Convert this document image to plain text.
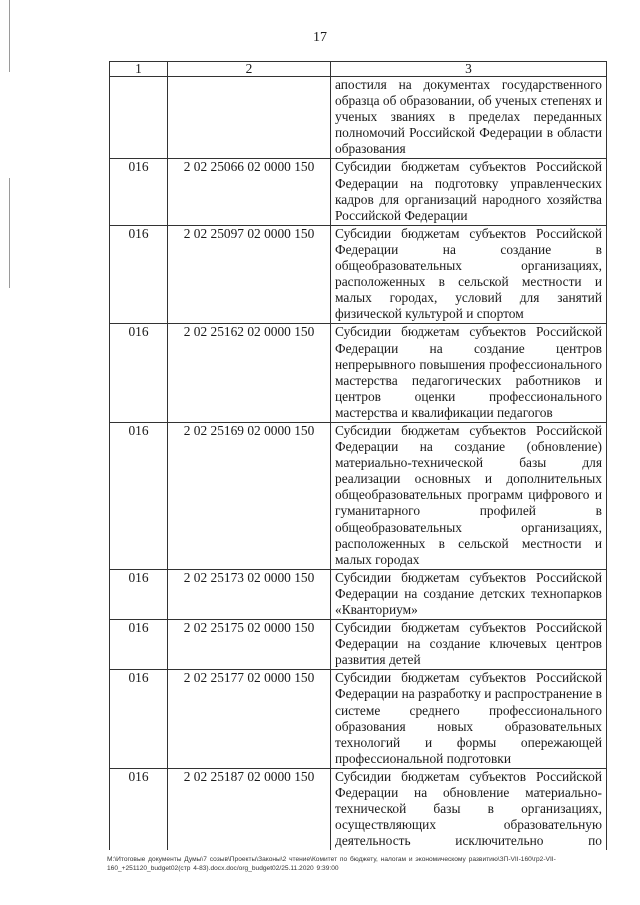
17
1	2	3
		апостиля на документах государственного образца об образовании, об ученых степенях и ученых званиях в пределах переданных полномочий Российской Федерации в области образования
016	2 02 25066 02 0000 150	Субсидии бюджетам субъектов Российской Федерации на подготовку управленческих кадров для организаций народного хозяйства Российской Федерации
016	2 02 25097 02 0000 150	Субсидии бюджетам субъектов Российской Федерации на создание в общеобразовательных организациях, расположенных в сельской местности и малых городах, условий для занятий физической культурой и спортом
016	2 02 25162 02 0000 150	Субсидии бюджетам субъектов Российской Федерации на создание центров непрерывного повышения профессионального мастерства педагогических работников и центров оценки профессионального мастерства и квалификации педагогов
016	2 02 25169 02 0000 150	Субсидии бюджетам субъектов Российской Федерации на создание (обновление) материально-технической базы для реализации основных и дополнительных общеобразовательных программ цифрового и гуманитарного профилей в общеобразовательных организациях, расположенных в сельской местности и малых городах
016	2 02 25173 02 0000 150	Субсидии бюджетам субъектов Российской Федерации на создание детских технопарков «Кванториум»
016	2 02 25175 02 0000 150	Субсидии бюджетам субъектов Российской Федерации на создание ключевых центров развития детей
016	2 02 25177 02 0000 150	Субсидии бюджетам субъектов Российской Федерации на разработку и распространение в системе среднего профессионального образования новых образовательных технологий и формы опережающей профессиональной подготовки
016	2 02 25187 02 0000 150	Субсидии бюджетам субъектов Российской Федерации на обновление материально-технической базы в организациях, осуществляющих образовательную деятельность исключительно по
M:\Итоговые документы Думы\7 созыв\Проекты\Законы\2 чтение\Комитет по бюджету, налогам и экономическому развитию\ЗП-VII-160\гр2-VII-160_+251120_budget02(стр 4-83).docx.doc/org_budget02/25.11.2020 9:39:00
